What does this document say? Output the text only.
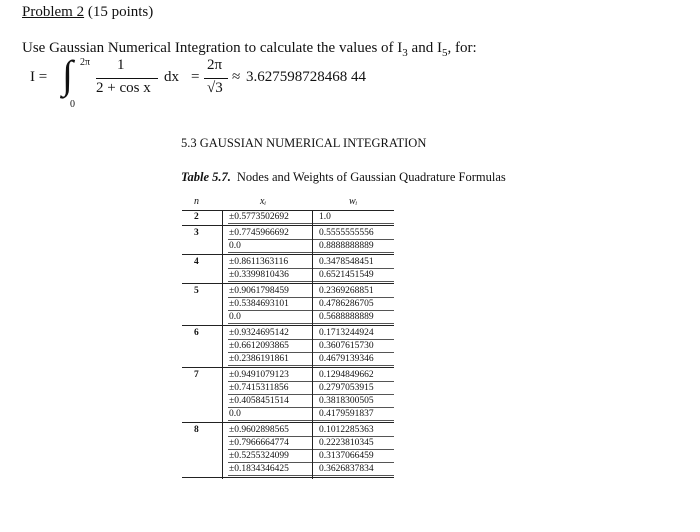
Problem 2 (15 points)
Use Gaussian Numerical Integration to calculate the values of $I_3$ and $I_5$, for:
I = ∫ 2π
0
1
2 + cos x
dx =
2π
√3
≈ 3.627598728468 44
5.3 GAUSSIAN NUMERICAL INTEGRATION
Table 5.7. Nodes and Weights of Gaussian Quadrature Formulas
n	xᵢ	wᵢ
2	±0.5773502692	1.0
3	±0.7745966692	0.5555555556
0.0	0.8888888889
4	±0.8611363116	0.3478548451
±0.3399810436	0.6521451549
5	±0.9061798459	0.2369268851
±0.5384693101	0.4786286705
0.0	0.5688888889
6	±0.9324695142	0.1713244924
±0.6612093865	0.3607615730
±0.2386191861	0.4679139346
7	±0.9491079123	0.1294849662
±0.7415311856	0.2797053915
±0.4058451514	0.3818300505
0.0	0.4179591837
8	±0.9602898565	0.1012285363
±0.7966664774	0.2223810345
±0.5255324099	0.3137066459
±0.1834346425	0.3626837834
